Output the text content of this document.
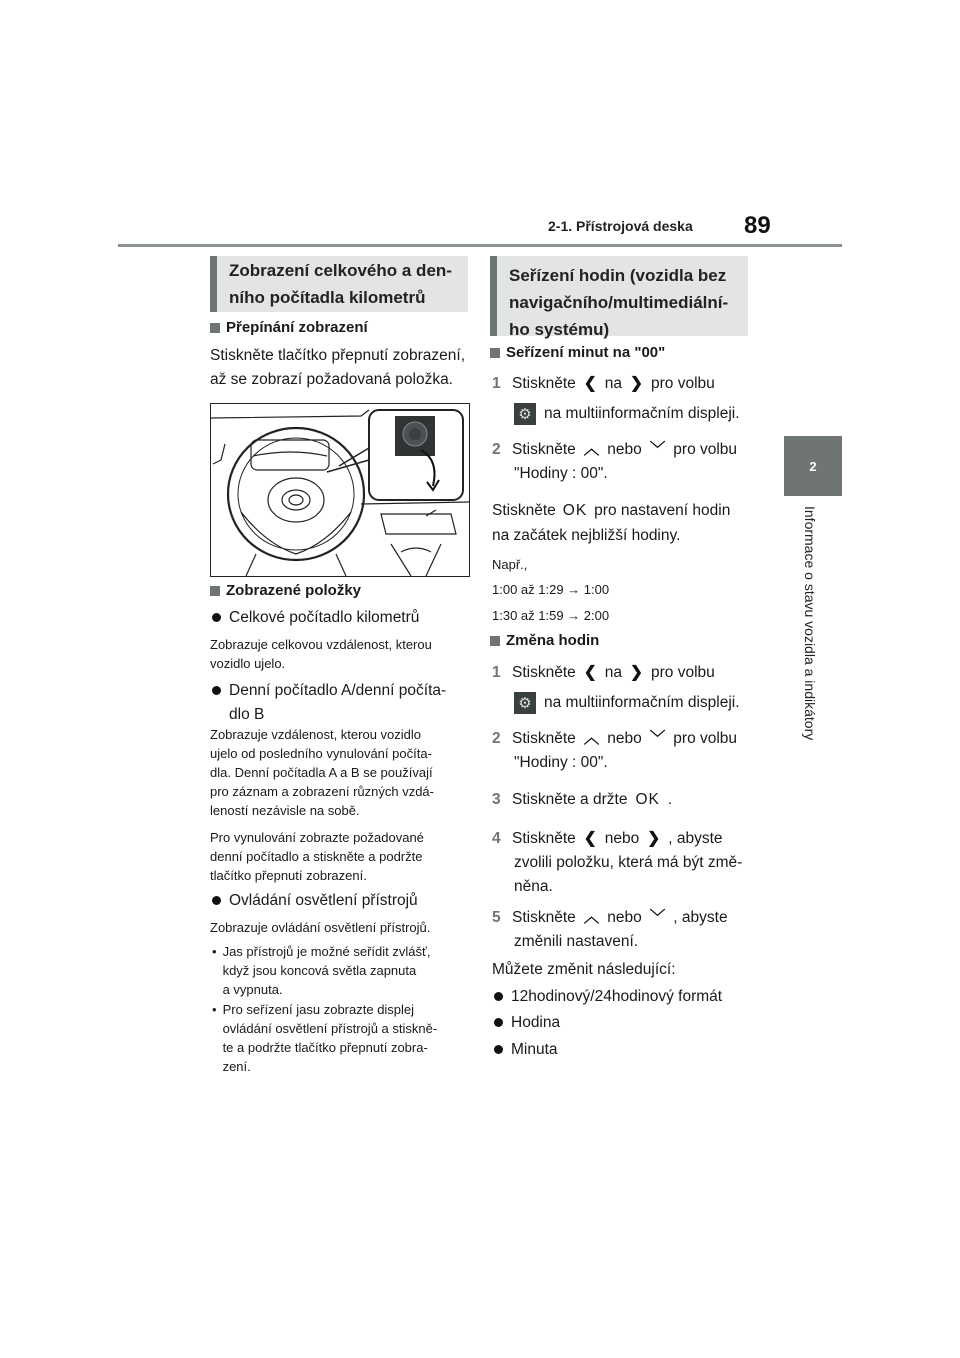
2-1. Přístrojová deska 89
2
Informace o stavu vozidla a indikátory
Zobrazení celkového a den-
ního počítadla kilometrů
Přepínání zobrazení
Stiskněte tlačítko přepnutí zobrazení,
až se zobrazí požadovaná položka.
Zobrazené položky
Celkové počítadlo kilometrů
Zobrazuje celkovou vzdálenost, kterou
vozidlo ujelo.
Denní počítadlo A/denní počíta-
dlo B
Zobrazuje vzdálenost, kterou vozidlo
ujelo od posledního vynulování počíta-
dla. Denní počítadla A a B se používají
pro záznam a zobrazení různých vzdá-
leností nezávisle na sobě.
Pro vynulování zobrazte požadované
denní počítadlo a stiskněte a podržte
tlačítko přepnutí zobrazení.
Ovládání osvětlení přístrojů
Zobrazuje ovládání osvětlení přístrojů.
• Jas přístrojů je možné seřídit zvlášť,
když jsou koncová světla zapnuta
a vypnuta.
• Pro seřízení jasu zobrazte displej
ovládání osvětlení přístrojů a stiskně-
te a podržte tlačítko přepnutí zobra-
zení.
Seřízení hodin (vozidla bez
navigačního/multimediální-
ho systému)
Seřízení minut na "00"
1 Stiskněte ❮ na ❯ pro volbu
⚙ na multiinformačním displeji.
2 Stiskněte ︿ nebo ﹀ pro volbu
"Hodiny : 00".
Stiskněte OK pro nastavení hodin
na začátek nejbližší hodiny.
Např.,
1:00 až 1:29 → 1:00
1:30 až 1:59 → 2:00
Změna hodin
1 Stiskněte ❮ na ❯ pro volbu
⚙ na multiinformačním displeji.
2 Stiskněte ︿ nebo ﹀ pro volbu
"Hodiny : 00".
3 Stiskněte a držte OK .
4 Stiskněte ❮ nebo ❯ , abyste
zvolili položku, která má být změ-
něna.
5 Stiskněte ︿ nebo ﹀ , abyste
změnili nastavení.
Můžete změnit následující:
12hodinový/24hodinový formát
Hodina
Minuta
